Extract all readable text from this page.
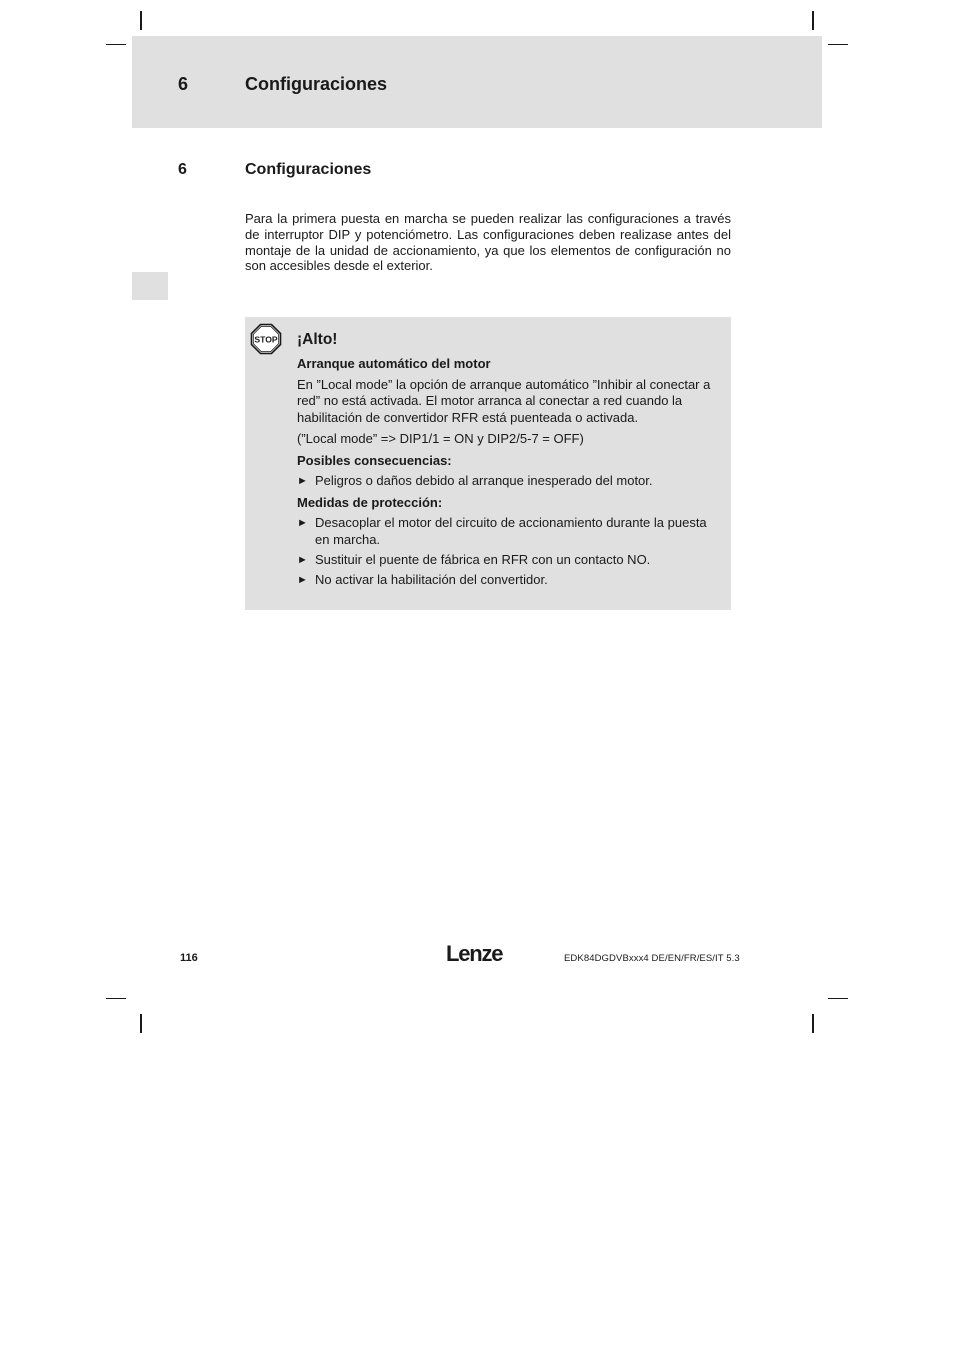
6	Configuraciones
6	Configuraciones

Para la primera puesta en marcha se pueden realizar las configuraciones a través de interruptor DIP y potenciómetro. Las configuraciones deben realizase antes del montaje de la unidad de accionamiento, ya que los elementos de configuración no son accesibles desde el exterior.

STOP ¡Alto!
Arranque automático del motor
En ”Local mode” la opción de arranque automático ”Inhibir al conectar a red” no está activada. El motor arranca al conectar a red cuando la habilitación de convertidor RFR está puenteada o activada.
(”Local mode” => DIP1/1 = ON y DIP2/5-7 = OFF)
Posibles consecuencias:
► Peligros o daños debido al arranque inesperado del motor.
Medidas de protección:
► Desacoplar el motor del circuito de accionamiento durante la puesta en marcha.
► Sustituir el puente de fábrica en RFR con un contacto NO.
► No activar la habilitación del convertidor.
116	Lenze	EDK84DGDVBxxx4 DE/EN/FR/ES/IT 5.3
